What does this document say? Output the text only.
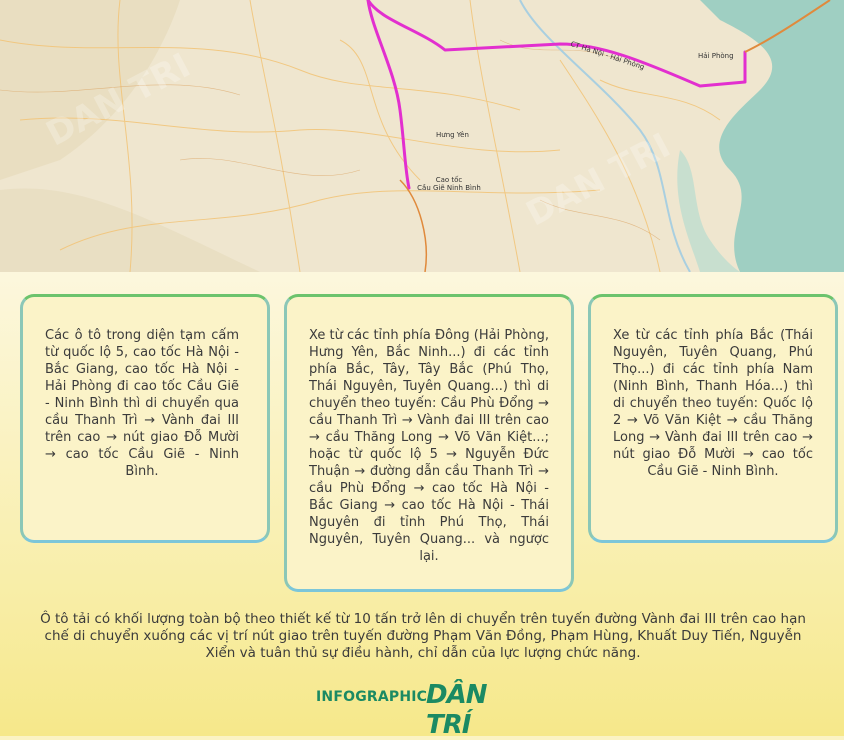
CT Hà Nội - Hải Phòng	Hải Phòng
Hưng Yên
Cao tốc
Cầu Giẽ Ninh Bình
DAN TRI
DAN TRI
Các ô tô trong diện tạm cấm từ quốc lộ 5, cao tốc Hà Nội - Bắc Giang, cao tốc Hà Nội - Hải Phòng đi cao tốc Cầu Giẽ - Ninh Bình thì di chuyển qua cầu Thanh Trì → Vành đai III trên cao → nút giao Đỗ Mười → cao tốc Cầu Giẽ - Ninh Bình.
Xe từ các tỉnh phía Đông (Hải Phòng, Hưng Yên, Bắc Ninh...) đi các tỉnh phía Bắc, Tây, Tây Bắc (Phú Thọ, Thái Nguyên, Tuyên Quang...) thì di chuyển theo tuyến: Cầu Phù Đổng → cầu Thanh Trì → Vành đai III trên cao → cầu Thăng Long → Võ Văn Kiệt...; hoặc từ quốc lộ 5 → Nguyễn Đức Thuận → đường dẫn cầu Thanh Trì → cầu Phù Đổng → cao tốc Hà Nội - Bắc Giang → cao tốc Hà Nội - Thái Nguyên đi tỉnh Phú Thọ, Thái Nguyên, Tuyên Quang... và ngược lại.
Xe từ các tỉnh phía Bắc (Thái Nguyên, Tuyên Quang, Phú Thọ...) đi các tỉnh phía Nam (Ninh Bình, Thanh Hóa...) thì di chuyển theo tuyến: Quốc lộ 2 → Võ Văn Kiệt → cầu Thăng Long → Vành đai III trên cao → nút giao Đỗ Mười → cao tốc Cầu Giẽ - Ninh Bình.
Ô tô tải có khối lượng toàn bộ theo thiết kế từ 10 tấn trở lên di chuyển trên tuyến đường Vành đai III trên cao hạn chế di chuyển xuống các vị trí nút giao trên tuyến đường Phạm Văn Đồng, Phạm Hùng, Khuất Duy Tiến, Nguyễn Xiển và tuân thủ sự điều hành, chỉ dẫn của lực lượng chức năng.
INFOGRAPHIC
DÂN TRÍ
